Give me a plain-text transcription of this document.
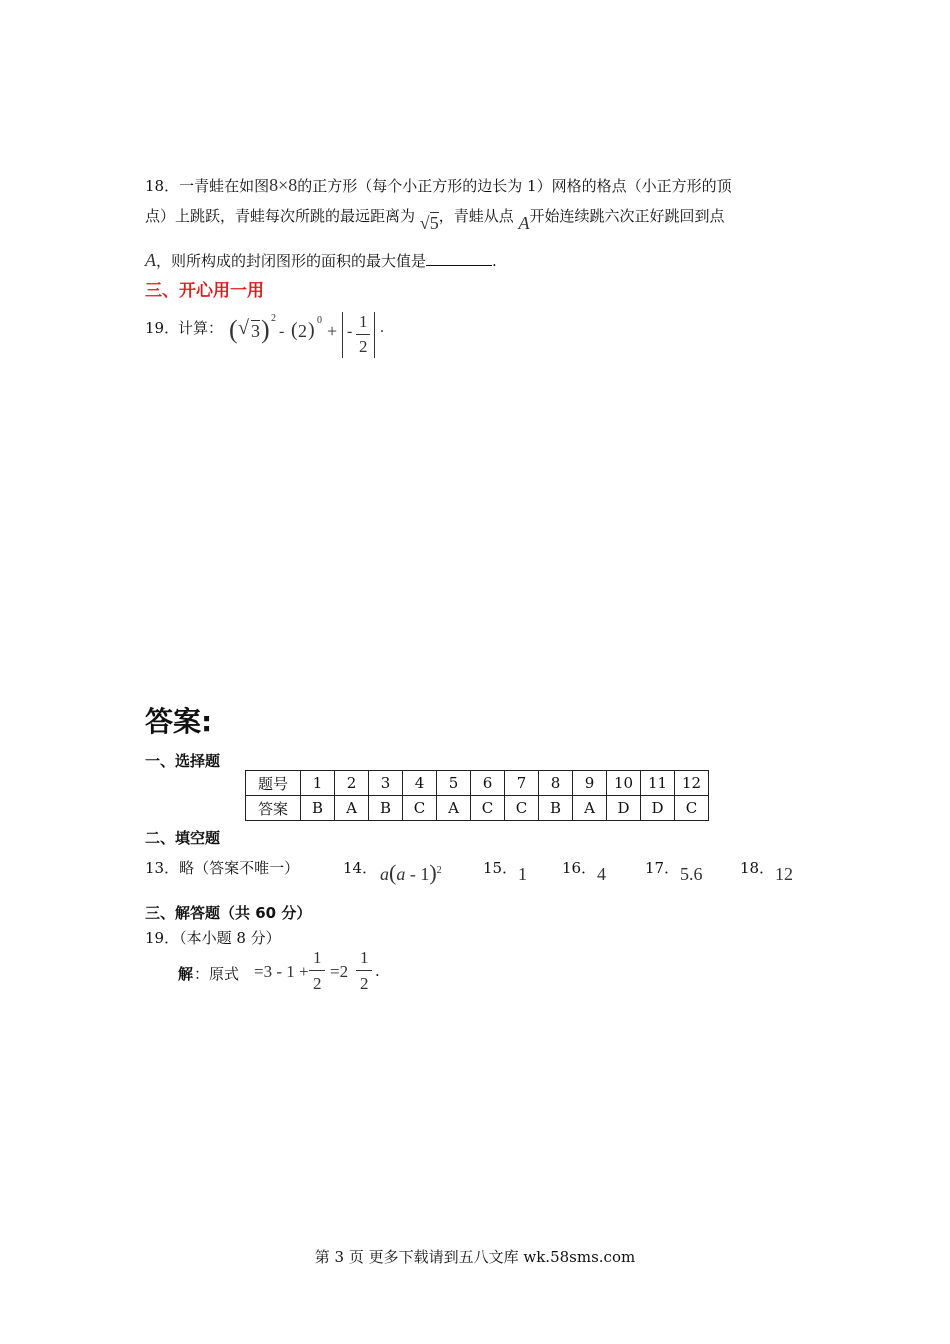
18．一青蛙在如图8×8的正方形（每个小正方形的边长为 1）网格的格点（小正方形的顶
点）上跳跃，青蛙每次所跳的最远距离为 √5，青蛙从点 A开始连续跳六次正好跳回到点
A，则所构成的封闭图形的面积的最大值是	.
三、开心用一用
19．
计算： ( √ 3 ) 2
- ( 2 ) 0
+ -
1
2
.
答案:
一、选择题
题号	1	2	3	4	5	6	7	8	9	10	11	12
答案	B	A	B	C	A	C	C	B	A	D	D	C
二、填空题
13．略（答案不唯一）	14． a(a - 1)$^2$	15． 1 16． 4	17． 5.6	18． 12
三、解答题（共 60 分）
19．（本小题 8 分）
解 ：原式 =3 - 1 +
1
2
=2
1
2
.
第 3 页 更多下载请到五八文库 wk.58sms.com
